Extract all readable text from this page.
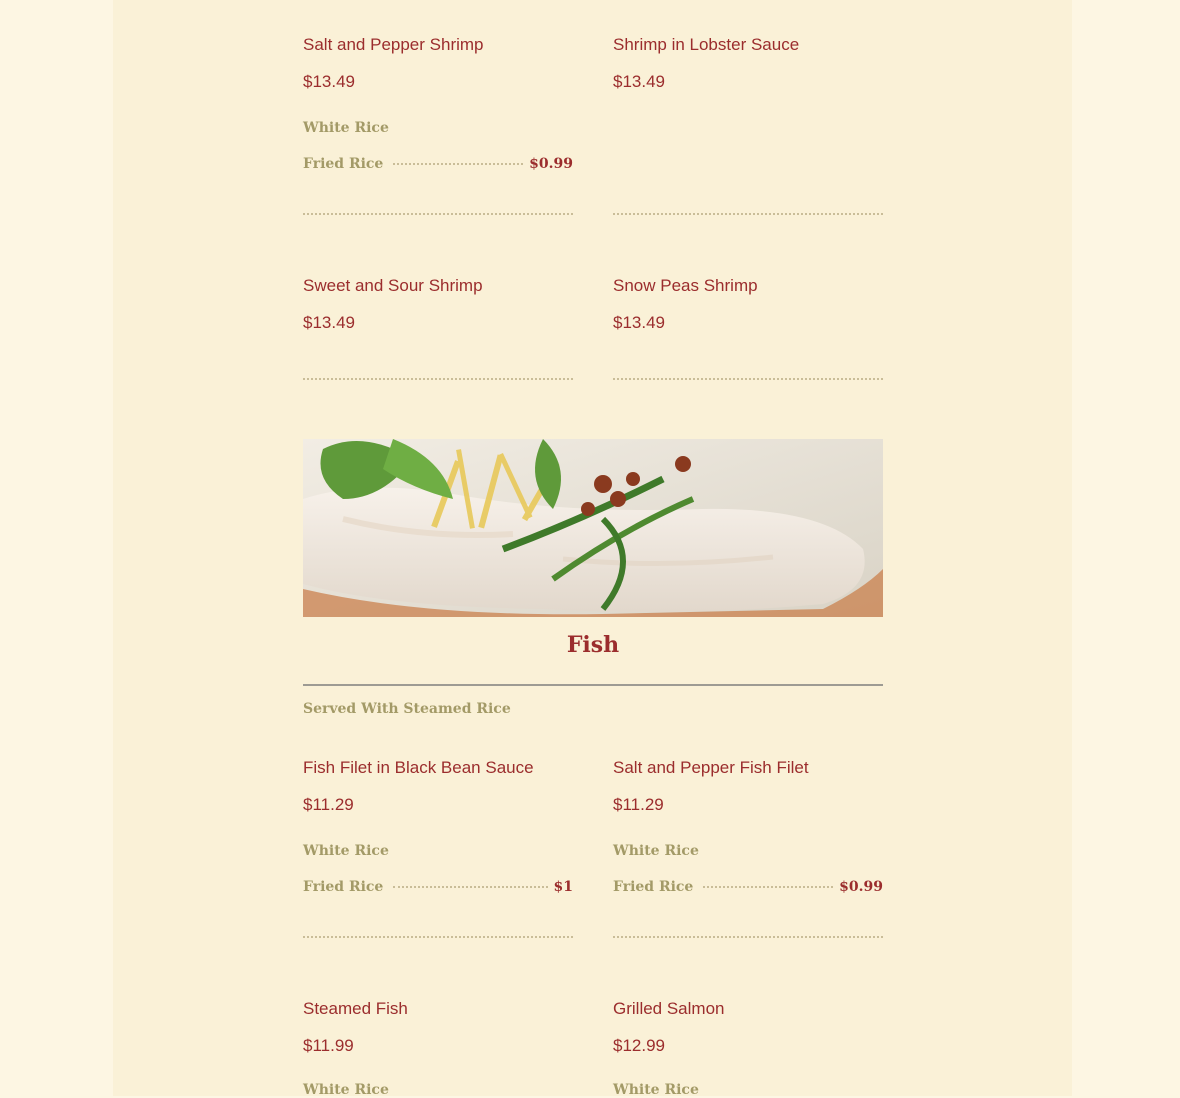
Salt and Pepper Shrimp
$13.49
White Rice
Fried Rice	$0.99
Shrimp in Lobster Sauce
$13.49
Sweet and Sour Shrimp
$13.49
Snow Peas Shrimp
$13.49
Fish
Served With Steamed Rice
Fish Filet in Black Bean Sauce
$11.29
White Rice
Fried Rice	$1
Salt and Pepper Fish Filet
$11.29
White Rice
Fried Rice	$0.99
Steamed Fish
$11.99
White Rice
Grilled Salmon
$12.99
White Rice
